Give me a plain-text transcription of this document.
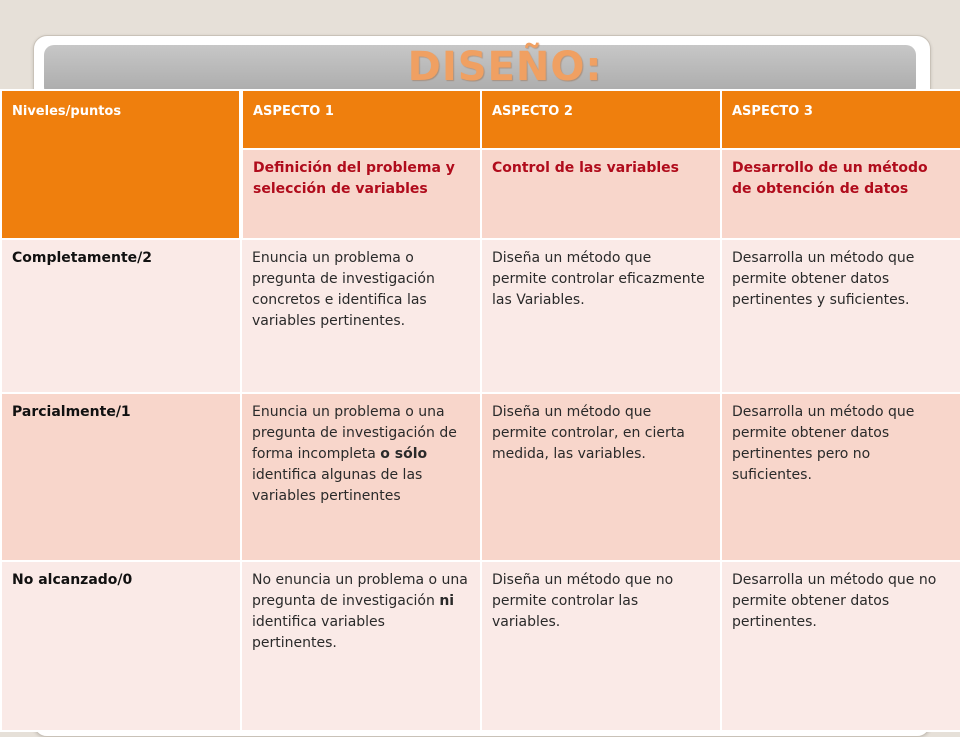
DISEÑO:
Niveles/puntos	ASPECTO 1	ASPECTO 2	ASPECTO 3
	Definición del problema y selección de variables	Control de las variables	Desarrollo de un método de obtención de datos
Completamente/2	Enuncia un problema o pregunta de investigación concretos e identifica las variables pertinentes.	Diseña un método que permite controlar eficazmente las Variables.	Desarrolla un método que permite obtener datos pertinentes y suficientes.
Parcialmente/1	Enuncia un problema o una pregunta de investigación de forma incompleta o sólo identifica algunas de las variables pertinentes	Diseña un método que permite controlar, en cierta medida, las variables.	Desarrolla un método que permite obtener datos pertinentes pero no suficientes.
No alcanzado/0	No enuncia un problema o una pregunta de investigación ni identifica variables pertinentes.	Diseña un método que no permite controlar las variables.	Desarrolla un método que no permite obtener datos pertinentes.
